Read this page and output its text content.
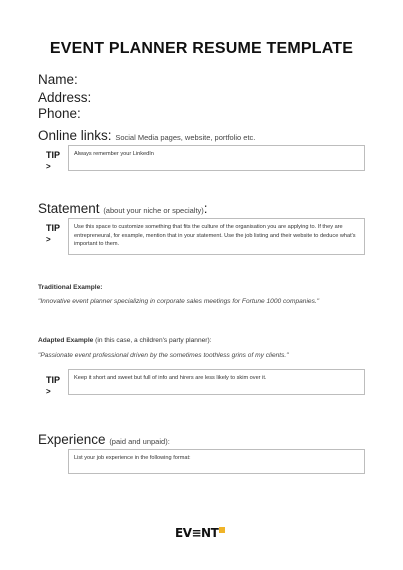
EVENT PLANNER RESUME TEMPLATE
Name:
Address:
Phone:
Online links: Social Media pages, website, portfolio etc.
TIP
>
Always remember your LinkedIn
Statement (about your niche or specialty):
TIP
>
Use this space to customize something that fits the culture of the organisation you are applying to. If they are entrepreneural, for example, mention that in your statement. Use the job listing and their website to deduce what's important to them.
Traditional Example:
"Innovative event planner specializing in corporate sales meetings for Fortune 1000 companies."
Adapted Example (in this case, a children's party planner):
"Passionate event professional driven by the sometimes toothless grins of my clients."
TIP
>
Keep it short and sweet but full of info and hirers are less likely to skim over it.
Experience (paid and unpaid):
List your job experience in the following format:
EV≡NT
